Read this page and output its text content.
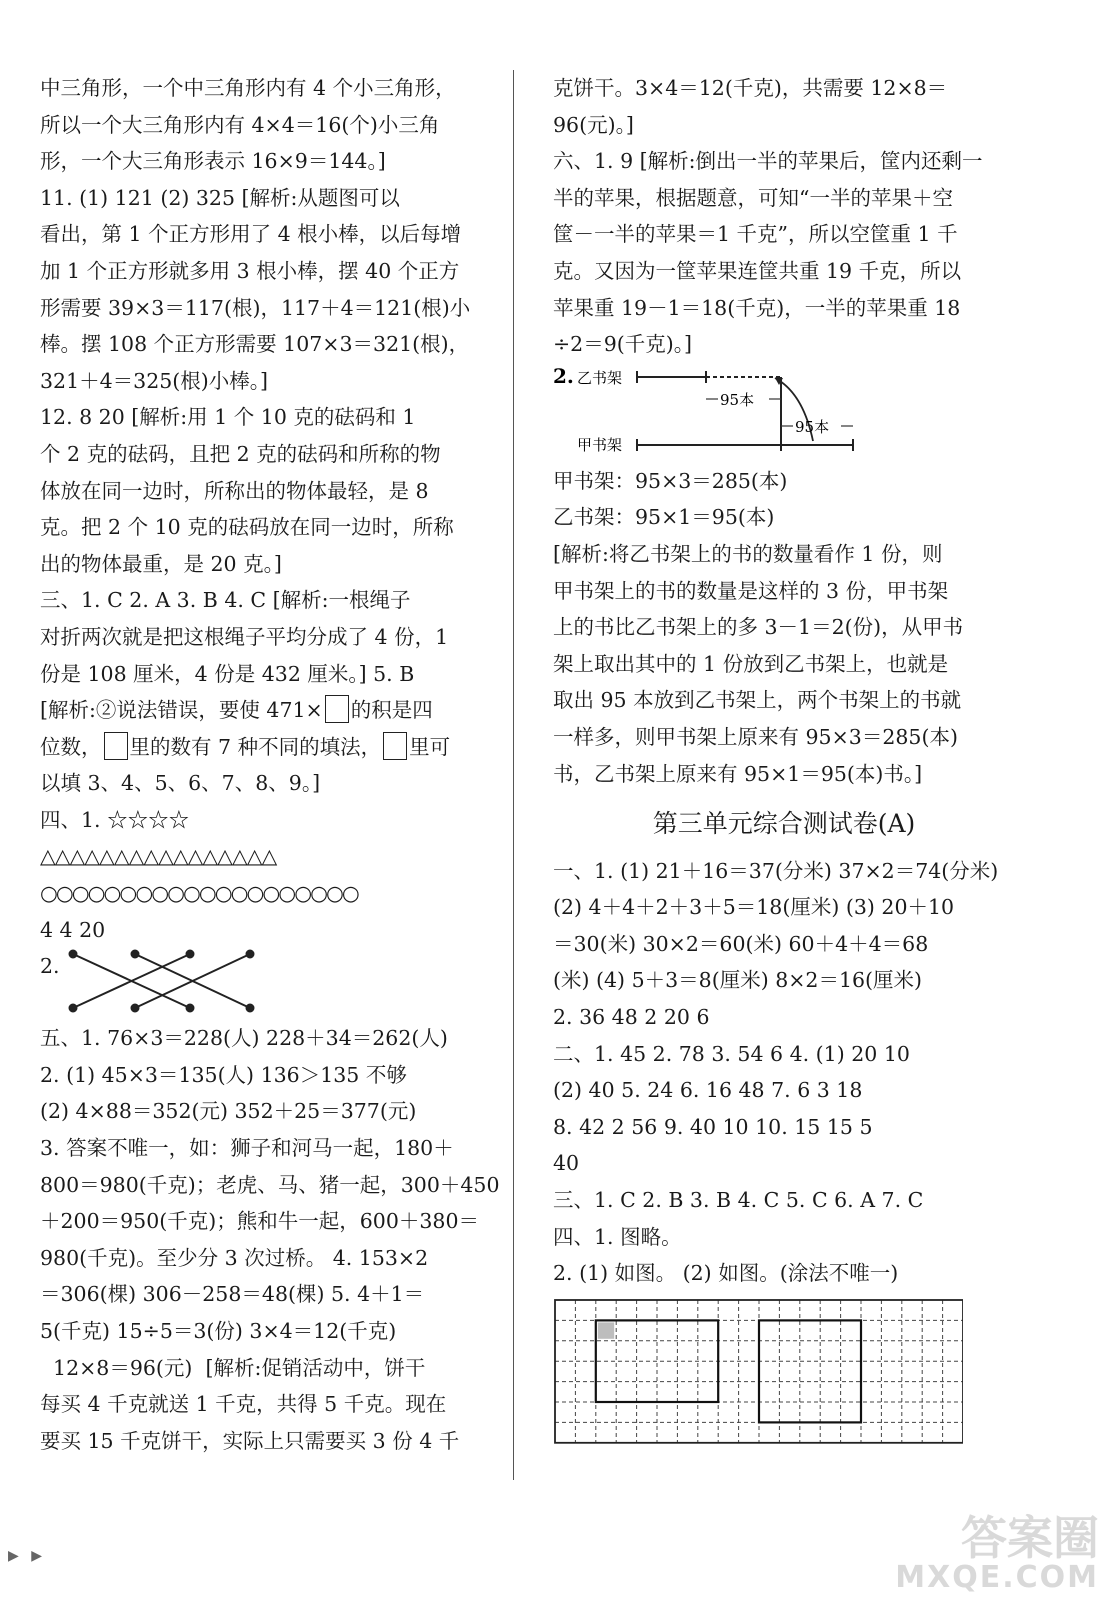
中三角形，一个中三角形内有 4 个小三角形，
所以一个大三角形内有 4×4＝16(个)小三角
形，一个大三角形表示 16×9＝144。]
11. (1) 121 (2) 325 [解析:从题图可以
看出，第 1 个正方形用了 4 根小棒，以后每增
加 1 个正方形就多用 3 根小棒，摆 40 个正方
形需要 39×3＝117(根)，117＋4＝121(根)小
棒。摆 108 个正方形需要 107×3＝321(根)，
321＋4＝325(根)小棒。]
12. 8 20 [解析:用 1 个 10 克的砝码和 1
个 2 克的砝码，且把 2 克的砝码和所称的物
体放在同一边时，所称出的物体最轻，是 8
克。把 2 个 10 克的砝码放在同一边时，所称
出的物体最重，是 20 克。]
三、1. C 2. A 3. B 4. C [解析:一根绳子
对折两次就是把这根绳子平均分成了 4 份，1
份是 108 厘米，4 份是 432 厘米。] 5. B
[解析:②说法错误，要使 471× 的积是四
位数， 里的数有 7 种不同的填法， 里可
以填 3、4、5、6、7、8、9。]
四、1. ☆☆☆☆
△△△△△△△△△△△△△△△△
○○○○○○○○○○○○○○○○○○○○
4 4 20
2.
五、1. 76×3＝228(人) 228＋34＝262(人)
2. (1) 45×3＝135(人) 136＞135 不够
(2) 4×88＝352(元) 352＋25＝377(元)
3. 答案不唯一，如：狮子和河马一起，180＋
800＝980(千克)；老虎、马、猪一起，300＋450
＋200＝950(千克)；熊和牛一起，600＋380＝
980(千克)。至少分 3 次过桥。 4. 153×2
＝306(棵) 306－258＝48(棵) 5. 4＋1＝
5(千克) 15÷5＝3(份) 3×4＝12(千克)
12×8＝96(元)  [解析:促销活动中，饼干
每买 4 千克就送 1 千克，共得 5 千克。现在
要买 15 千克饼干，实际上只需要买 3 份 4 千
克饼干。3×4＝12(千克)，共需要 12×8＝
96(元)。]
六、1. 9 [解析:倒出一半的苹果后，筐内还剩一
半的苹果，根据题意，可知“一半的苹果＋空
筐－一半的苹果＝1 千克”，所以空筐重 1 千
克。又因为一筐苹果连筐共重 19 千克，所以
苹果重 19－1＝18(千克)，一半的苹果重 18
÷2＝9(千克)。]
2. 乙书架
甲书架
95本
95本
甲书架：95×3＝285(本)
乙书架：95×1＝95(本)
[解析:将乙书架上的书的数量看作 1 份，则
甲书架上的书的数量是这样的 3 份，甲书架
上的书比乙书架上的多 3－1＝2(份)，从甲书
架上取出其中的 1 份放到乙书架上，也就是
取出 95 本放到乙书架上，两个书架上的书就
一样多，则甲书架上原来有 95×3＝285(本)
书，乙书架上原来有 95×1＝95(本)书。]
第三单元综合测试卷(A)
一、1. (1) 21＋16＝37(分米) 37×2＝74(分米)
(2) 4＋4＋2＋3＋5＝18(厘米) (3) 20＋10
＝30(米) 30×2＝60(米) 60＋4＋4＝68
(米) (4) 5＋3＝8(厘米) 8×2＝16(厘米)
2. 36 48 2 20 6
二、1. 45 2. 78 3. 54 6 4. (1) 20 10
(2) 40 5. 24 6. 16 48 7. 6 3 18
8. 42 2 56 9. 40 10 10. 15 15 5
40
三、1. C 2. B 3. B 4. C 5. C 6. A 7. C
四、1. 图略。
2. (1) 如图。 (2) 如图。(涂法不唯一)
▶ ▶	答案圈
MXQE.COM
